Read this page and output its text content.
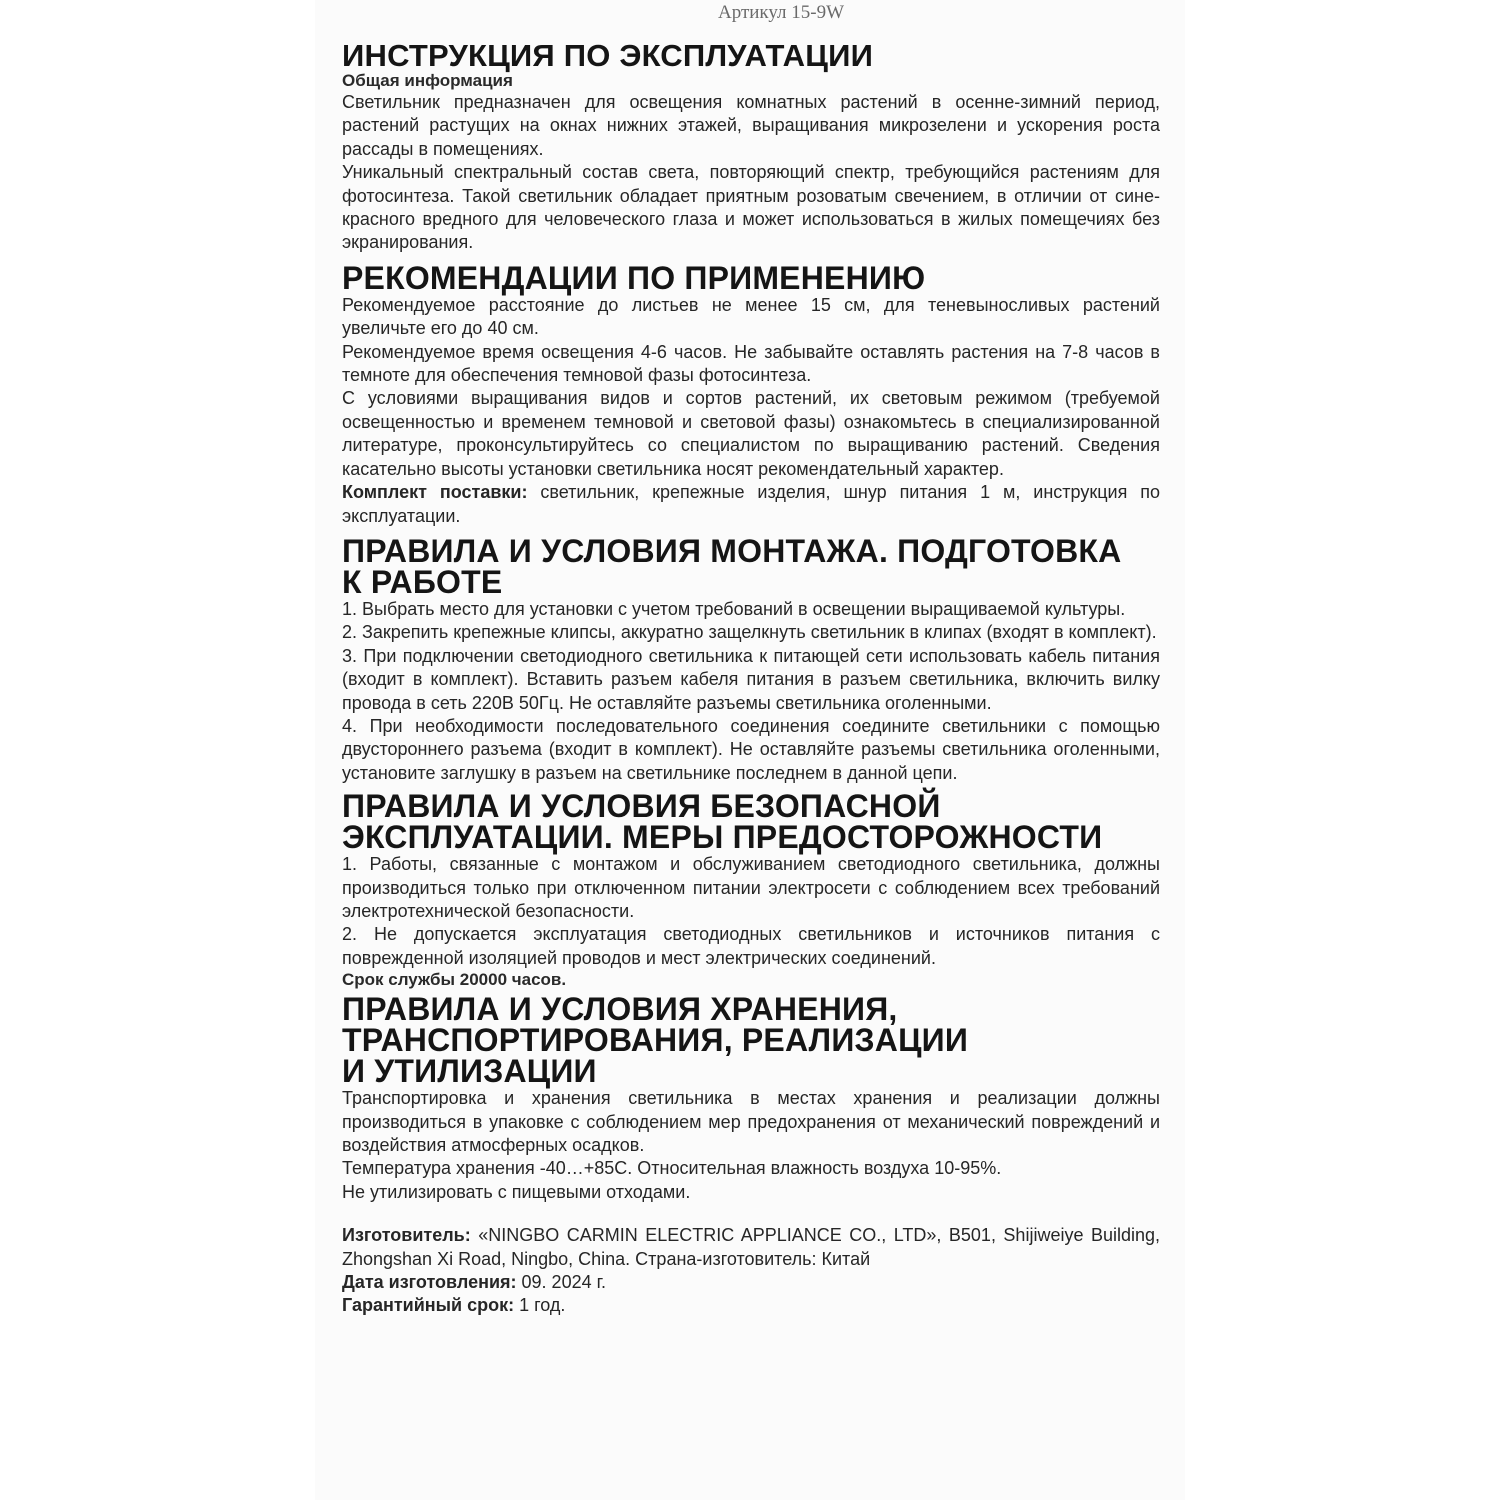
Артикул 15-9W
ИНСТРУКЦИЯ ПО ЭКСПЛУАТАЦИИ
Общая информация

Светильник предназначен для освещения комнатных растений в осенне-зимний период, растений растущих на окнах нижних этажей, выращивания микрозелени и ускорения роста рассады в помещениях.

Уникальный спектральный состав света, повторяющий спектр, требующийся растениям для фотосинтеза. Такой светильник обладает приятным розоватым свечением, в отличии от сине-красного вредного для человеческого глаза и может использоваться в жилых помещечиях без экранирования.

РЕКОМЕНДАЦИИ ПО ПРИМЕНЕНИЮ

Рекомендуемое расстояние до листьев не менее 15 см, для теневыносливых растений увеличьте его до 40 см.

Рекомендуемое время освещения 4-6 часов. Не забывайте оставлять растения на 7-8 часов в темноте для обеспечения темновой фазы фотосинтеза.

С условиями выращивания видов и сортов растений, их световым режимом (требуемой освещенностью и временем темновой и световой фазы) ознакомьтесь в специализированной литературе, проконсультируйтесь со специалистом по выращиванию растений. Сведения касательно высоты установки светильника носят рекомендательный характер.

Комплект поставки: светильник, крепежные изделия, шнур питания 1 м, инструкция по эксплуатации.

ПРАВИЛА И УСЛОВИЯ МОНТАЖА. ПОДГОТОВКА
К РАБОТЕ

1. Выбрать место для установки с учетом требований в освещении выращиваемой культуры.

2. Закрепить крепежные клипсы, аккуратно защелкнуть светильник в клипах (входят в комплект).

3. При подключении светодиодного светильника к питающей сети использовать кабель питания (входит в комплект). Вставить разъем кабеля питания в разъем светильника, включить вилку провода в сеть 220В 50Гц. Не оставляйте разъемы светильника оголенными.

4. При необходимости последовательного соединения соедините светильники с помощью двустороннего разъема (входит в комплект). Не оставляйте разъемы светильника оголенными, установите заглушку в разъем на светильнике последнем в данной цепи.

ПРАВИЛА И УСЛОВИЯ БЕЗОПАСНОЙ
ЭКСПЛУАТАЦИИ. МЕРЫ ПРЕДОСТОРОЖНОСТИ

1. Работы, связанные с монтажом и обслуживанием светодиодного светильника, должны производиться только при отключенном питании электросети с соблюдением всех требований электротехнической безопасности.

2. Не допускается эксплуатация светодиодных светильников и источников питания с поврежденной изоляцией проводов и мест электрических соединений.

Срок службы 20000 часов.
ПРАВИЛА И УСЛОВИЯ ХРАНЕНИЯ,
ТРАНСПОРТИРОВАНИЯ, РЕАЛИЗАЦИИ
И УТИЛИЗАЦИИ

Транспортировка и хранения светильника в местах хранения и реализации должны производиться в упаковке с соблюдением мер предохранения от механический повреждений и воздействия атмосферных осадков.

Температура хранения -40…+85С. Относительная влажность воздуха 10-95%.

Не утилизировать с пищевыми отходами.

Изготовитель: «NINGBO CARMIN ELECTRIC APPLIANCE CO., LTD», B501, Shijiweiye Building, Zhongshan Xi Road, Ningbo, China. Страна-изготовитель: Китай

Дата изготовления: 09. 2024 г.

Гарантийный срок: 1 год.
